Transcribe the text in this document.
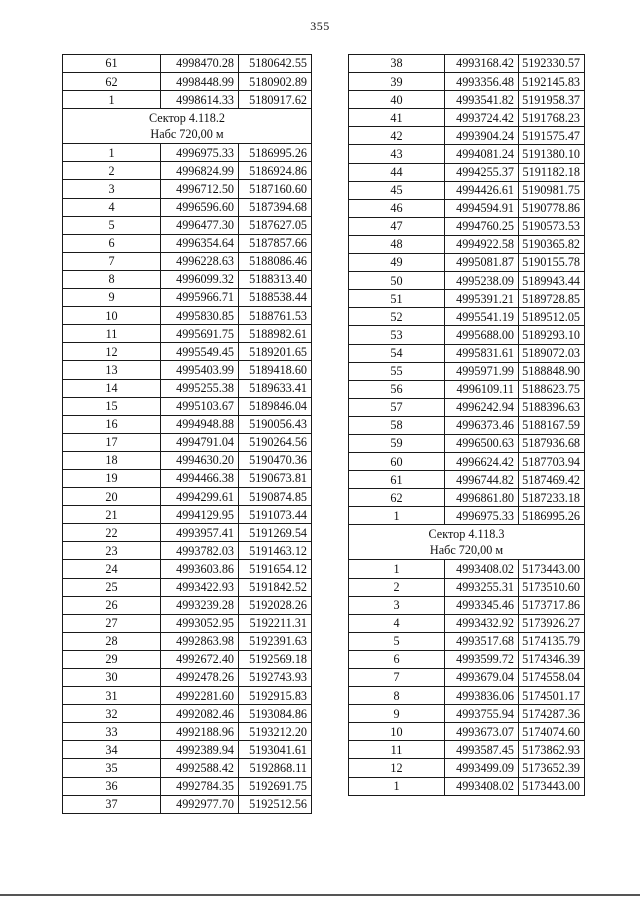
355
61	4998470.28	5180642.55
62	4998448.99	5180902.89
1	4998614.33	5180917.62

Сектор 4.118.2
Набс 720,00 м		

1	4996975.33	5186995.26
2	4996824.99	5186924.86
3	4996712.50	5187160.60
4	4996596.60	5187394.68
5	4996477.30	5187627.05
6	4996354.64	5187857.66
7	4996228.63	5188086.46
8	4996099.32	5188313.40
9	4995966.71	5188538.44
10	4995830.85	5188761.53
11	4995691.75	5188982.61
12	4995549.45	5189201.65
13	4995403.99	5189418.60
14	4995255.38	5189633.41
15	4995103.67	5189846.04
16	4994948.88	5190056.43
17	4994791.04	5190264.56
18	4994630.20	5190470.36
19	4994466.38	5190673.81
20	4994299.61	5190874.85
21	4994129.95	5191073.44
22	4993957.41	5191269.54
23	4993782.03	5191463.12
24	4993603.86	5191654.12
25	4993422.93	5191842.52
26	4993239.28	5192028.26
27	4993052.95	5192211.31
28	4992863.98	5192391.63
29	4992672.40	5192569.18
30	4992478.26	5192743.93
31	4992281.60	5192915.83
32	4992082.46	5193084.86
33	4992188.96	5193212.20
34	4992389.94	5193041.61
35	4992588.42	5192868.11
36	4992784.35	5192691.75
37	4992977.70	5192512.56
38	4993168.42	5192330.57
39	4993356.48	5192145.83
40	4993541.82	5191958.37
41	4993724.42	5191768.23
42	4993904.24	5191575.47
43	4994081.24	5191380.10
44	4994255.37	5191182.18
45	4994426.61	5190981.75
46	4994594.91	5190778.86
47	4994760.25	5190573.53
48	4994922.58	5190365.82
49	4995081.87	5190155.78
50	4995238.09	5189943.44
51	4995391.21	5189728.85
52	4995541.19	5189512.05
53	4995688.00	5189293.10
54	4995831.61	5189072.03
55	4995971.99	5188848.90
56	4996109.11	5188623.75
57	4996242.94	5188396.63
58	4996373.46	5188167.59
59	4996500.63	5187936.68
60	4996624.42	5187703.94
61	4996744.82	5187469.42
62	4996861.80	5187233.18
1	4996975.33	5186995.26

Сектор 4.118.3
Набс 720,00 м		

1	4993408.02	5173443.00
2	4993255.31	5173510.60
3	4993345.46	5173717.86
4	4993432.92	5173926.27
5	4993517.68	5174135.79
6	4993599.72	5174346.39
7	4993679.04	5174558.04
8	4993836.06	5174501.17
9	4993755.94	5174287.36
10	4993673.07	5174074.60
11	4993587.45	5173862.93
12	4993499.09	5173652.39
1	4993408.02	5173443.00
